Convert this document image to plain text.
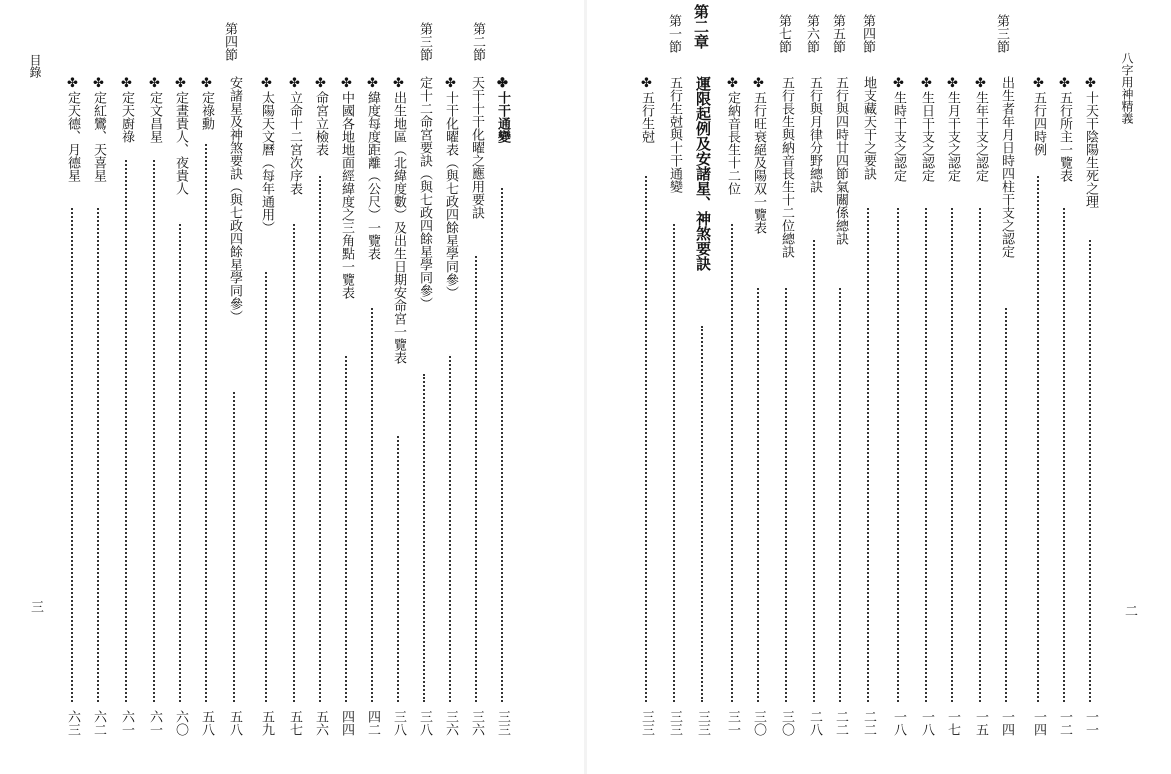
目錄
三
第二節
第三節
第四節
✤十干通變
三三
天干十干化曜之應用要訣
三六
✤十干化曜表（與七政四餘星學同參）
三六
定十二命宮要訣（與七政四餘星學同參）
三八
✤出生地區（北緯度數）及出生日期安命宮一覽表
三八
✤緯度每度距離（公尺）一覽表
四二
✤中國各地地面經緯度之三角點一覽表
四四
✤命宮立檢表
五六
✤立命十二宮次序表
五七
✤太陽天文曆（每年通用）
五九
安諸星及神煞要訣（與七政四餘星學同參）
五八
✤定祿勳
五八
✤定晝貴人、夜貴人
六〇
✤定文昌星
六一
✤定天廚祿
六一
✤定紅鸞、天喜星
六二
✤定天德、月德星
六三
八字用神精義
二
第三節
第四節
第五節
第六節
第七節
第二章
第一節
✤十天干陰陽生死之理
一一
✤五行所主一覽表
一二
✤五行四時例
一四
出生者年月日時四柱干支之認定
一四
✤生年干支之認定
一五
✤生月干支之認定
一七
✤生日干支之認定
一八
✤生時干支之認定
一八
地支藏天干之要訣
二二
五行與四時廿四節氣關係總訣
二二
五行與月律分野總訣
二八
五行長生與納音長生十二位總訣
三〇
✤五行旺衰絕及陽双一覽表
三〇
✤定納音長生十二位
三一
運限起例及安諸星、神煞要訣
三三
五行生尅與十干通變
三三
✤五行生尅
三三
